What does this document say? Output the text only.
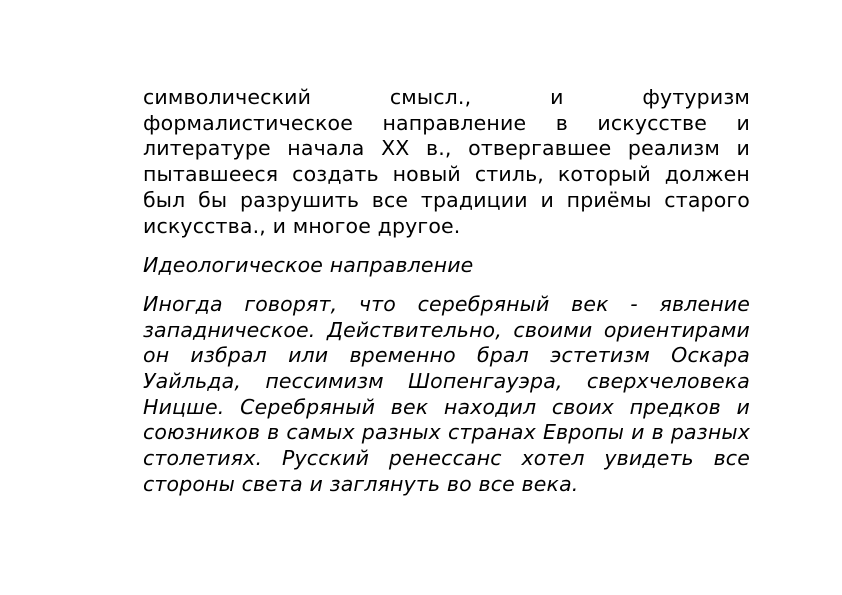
символический смысл., и футуризм формалистическое направление в искусстве и литературе начала XX в., отвергавшее реализм и пытавшееся создать новый стиль, который должен был бы разрушить все традиции и приёмы старого искусства., и многое другое.

Идеологическое направление

Иногда говорят, что серебряный век - явление западническое. Действительно, своими ориентирами он избрал или временно брал эстетизм Оскара Уайльда, пессимизм Шопенгауэра, сверхчеловека Ницше. Серебряный век находил своих предков и союзников в самых разных странах Европы и в разных столетиях. Русский ренессанс хотел увидеть все стороны света и заглянуть во все века.
